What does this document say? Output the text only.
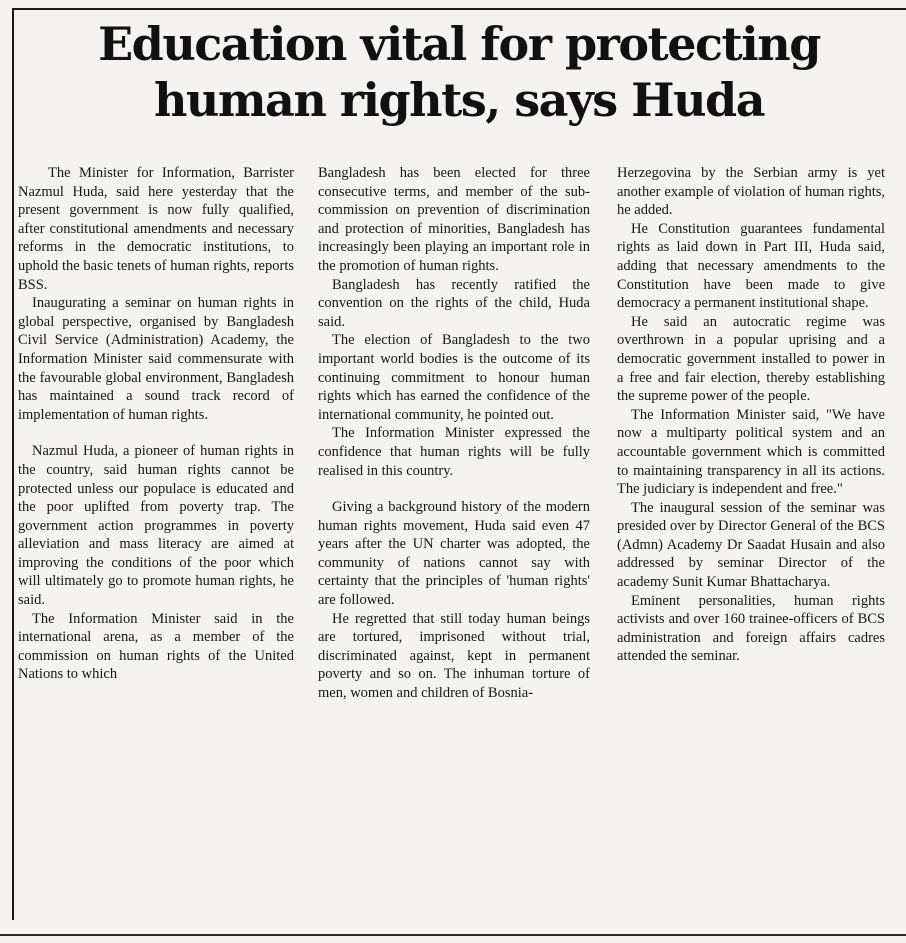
Education vital for protecting human rights, says Huda

The Minister for Information, Barrister Nazmul Huda, said here yesterday that the present government is now fully qualified, after constitutional amendments and necessary reforms in the democratic institutions, to uphold the basic tenets of human rights, reports BSS.

Inaugurating a seminar on human rights in global perspective, organised by Bangladesh Civil Service (Administration) Academy, the Information Minister said commensurate with the favourable global environment, Bangladesh has maintained a sound track record of implementation of human rights.

Nazmul Huda, a pioneer of human rights in the country, said human rights cannot be protected unless our populace is educated and the poor uplifted from poverty trap. The government action programmes in poverty alleviation and mass literacy are aimed at improving the conditions of the poor which will ultimately go to promote human rights, he said.

The Information Minister said in the international arena, as a member of the commission on human rights of the United Nations to which

Bangladesh has been elected for three consecutive terms, and member of the sub-commission on prevention of discrimination and protection of minorities, Bangladesh has increasingly been playing an important role in the promotion of human rights.

Bangladesh has recently ratified the convention on the rights of the child, Huda said.

The election of Bangladesh to the two important world bodies is the outcome of its continuing commitment to honour human rights which has earned the confidence of the international community, he pointed out.

The Information Minister expressed the confidence that human rights will be fully realised in this country.

Giving a background history of the modern human rights movement, Huda said even 47 years after the UN charter was adopted, the community of nations cannot say with certainty that the principles of 'human rights' are followed.

He regretted that still today human beings are tortured, imprisoned without trial, discriminated against, kept in permanent poverty and so on. The inhuman torture of men, women and children of Bosnia-

Herzegovina by the Serbian army is yet another example of violation of human rights, he added.

He Constitution guarantees fundamental rights as laid down in Part III, Huda said, adding that necessary amendments to the Constitution have been made to give democracy a permanent institutional shape.

He said an autocratic regime was overthrown in a popular uprising and a democratic government installed to power in a free and fair election, thereby establishing the supreme power of the people.

The Information Minister said, "We have now a multiparty political system and an accountable government which is committed to maintaining transparency in all its actions. The judiciary is independent and free."

The inaugural session of the seminar was presided over by Director General of the BCS (Admn) Academy Dr Saadat Husain and also addressed by seminar Director of the academy Sunit Kumar Bhattacharya.

Eminent personalities, human rights activists and over 160 trainee-officers of BCS administration and foreign affairs cadres attended the seminar.
